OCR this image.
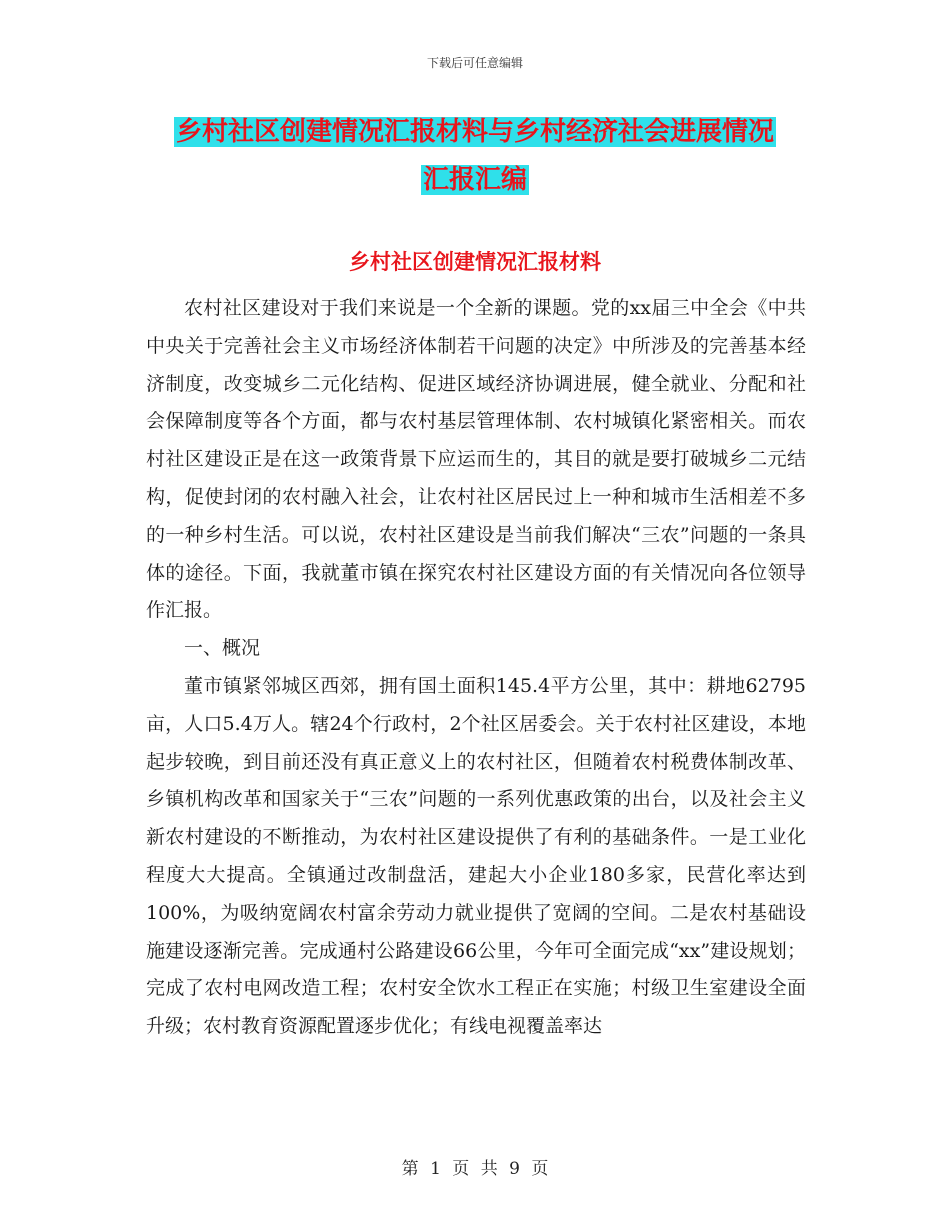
下载后可任意编辑
乡村社区创建情况汇报材料与乡村经济社会进展情况
汇报汇编
乡村社区创建情况汇报材料

农村社区建设对于我们来说是一个全新的课题。党的xx届三中全会《中共中央关于完善社会主义市场经济体制若干问题的决定》中所涉及的完善基本经济制度，改变城乡二元化结构、促进区域经济协调进展，健全就业、分配和社会保障制度等各个方面，都与农村基层管理体制、农村城镇化紧密相关。而农村社区建设正是在这一政策背景下应运而生的，其目的就是要打破城乡二元结构，促使封闭的农村融入社会，让农村社区居民过上一种和城市生活相差不多的一种乡村生活。可以说，农村社区建设是当前我们解决“三农”问题的一条具体的途径。下面，我就董市镇在探究农村社区建设方面的有关情况向各位领导作汇报。

一、概况

董市镇紧邻城区西郊，拥有国土面积145.4平方公里，其中：耕地62795亩，人口5.4万人。辖24个行政村，2个社区居委会。关于农村社区建设，本地起步较晚，到目前还没有真正意义上的农村社区，但随着农村税费体制改革、乡镇机构改革和国家关于“三农”问题的一系列优惠政策的出台，以及社会主义新农村建设的不断推动，为农村社区建设提供了有利的基础条件。一是工业化程度大大提高。全镇通过改制盘活，建起大小企业180多家，民营化率达到100%，为吸纳宽阔农村富余劳动力就业提供了宽阔的空间。二是农村基础设施建设逐渐完善。完成通村公路建设66公里，今年可全面完成“xx”建设规划；完成了农村电网改造工程；农村安全饮水工程正在实施；村级卫生室建设全面升级；农村教育资源配置逐步优化；有线电视覆盖率达

第 1 页 共 9 页
